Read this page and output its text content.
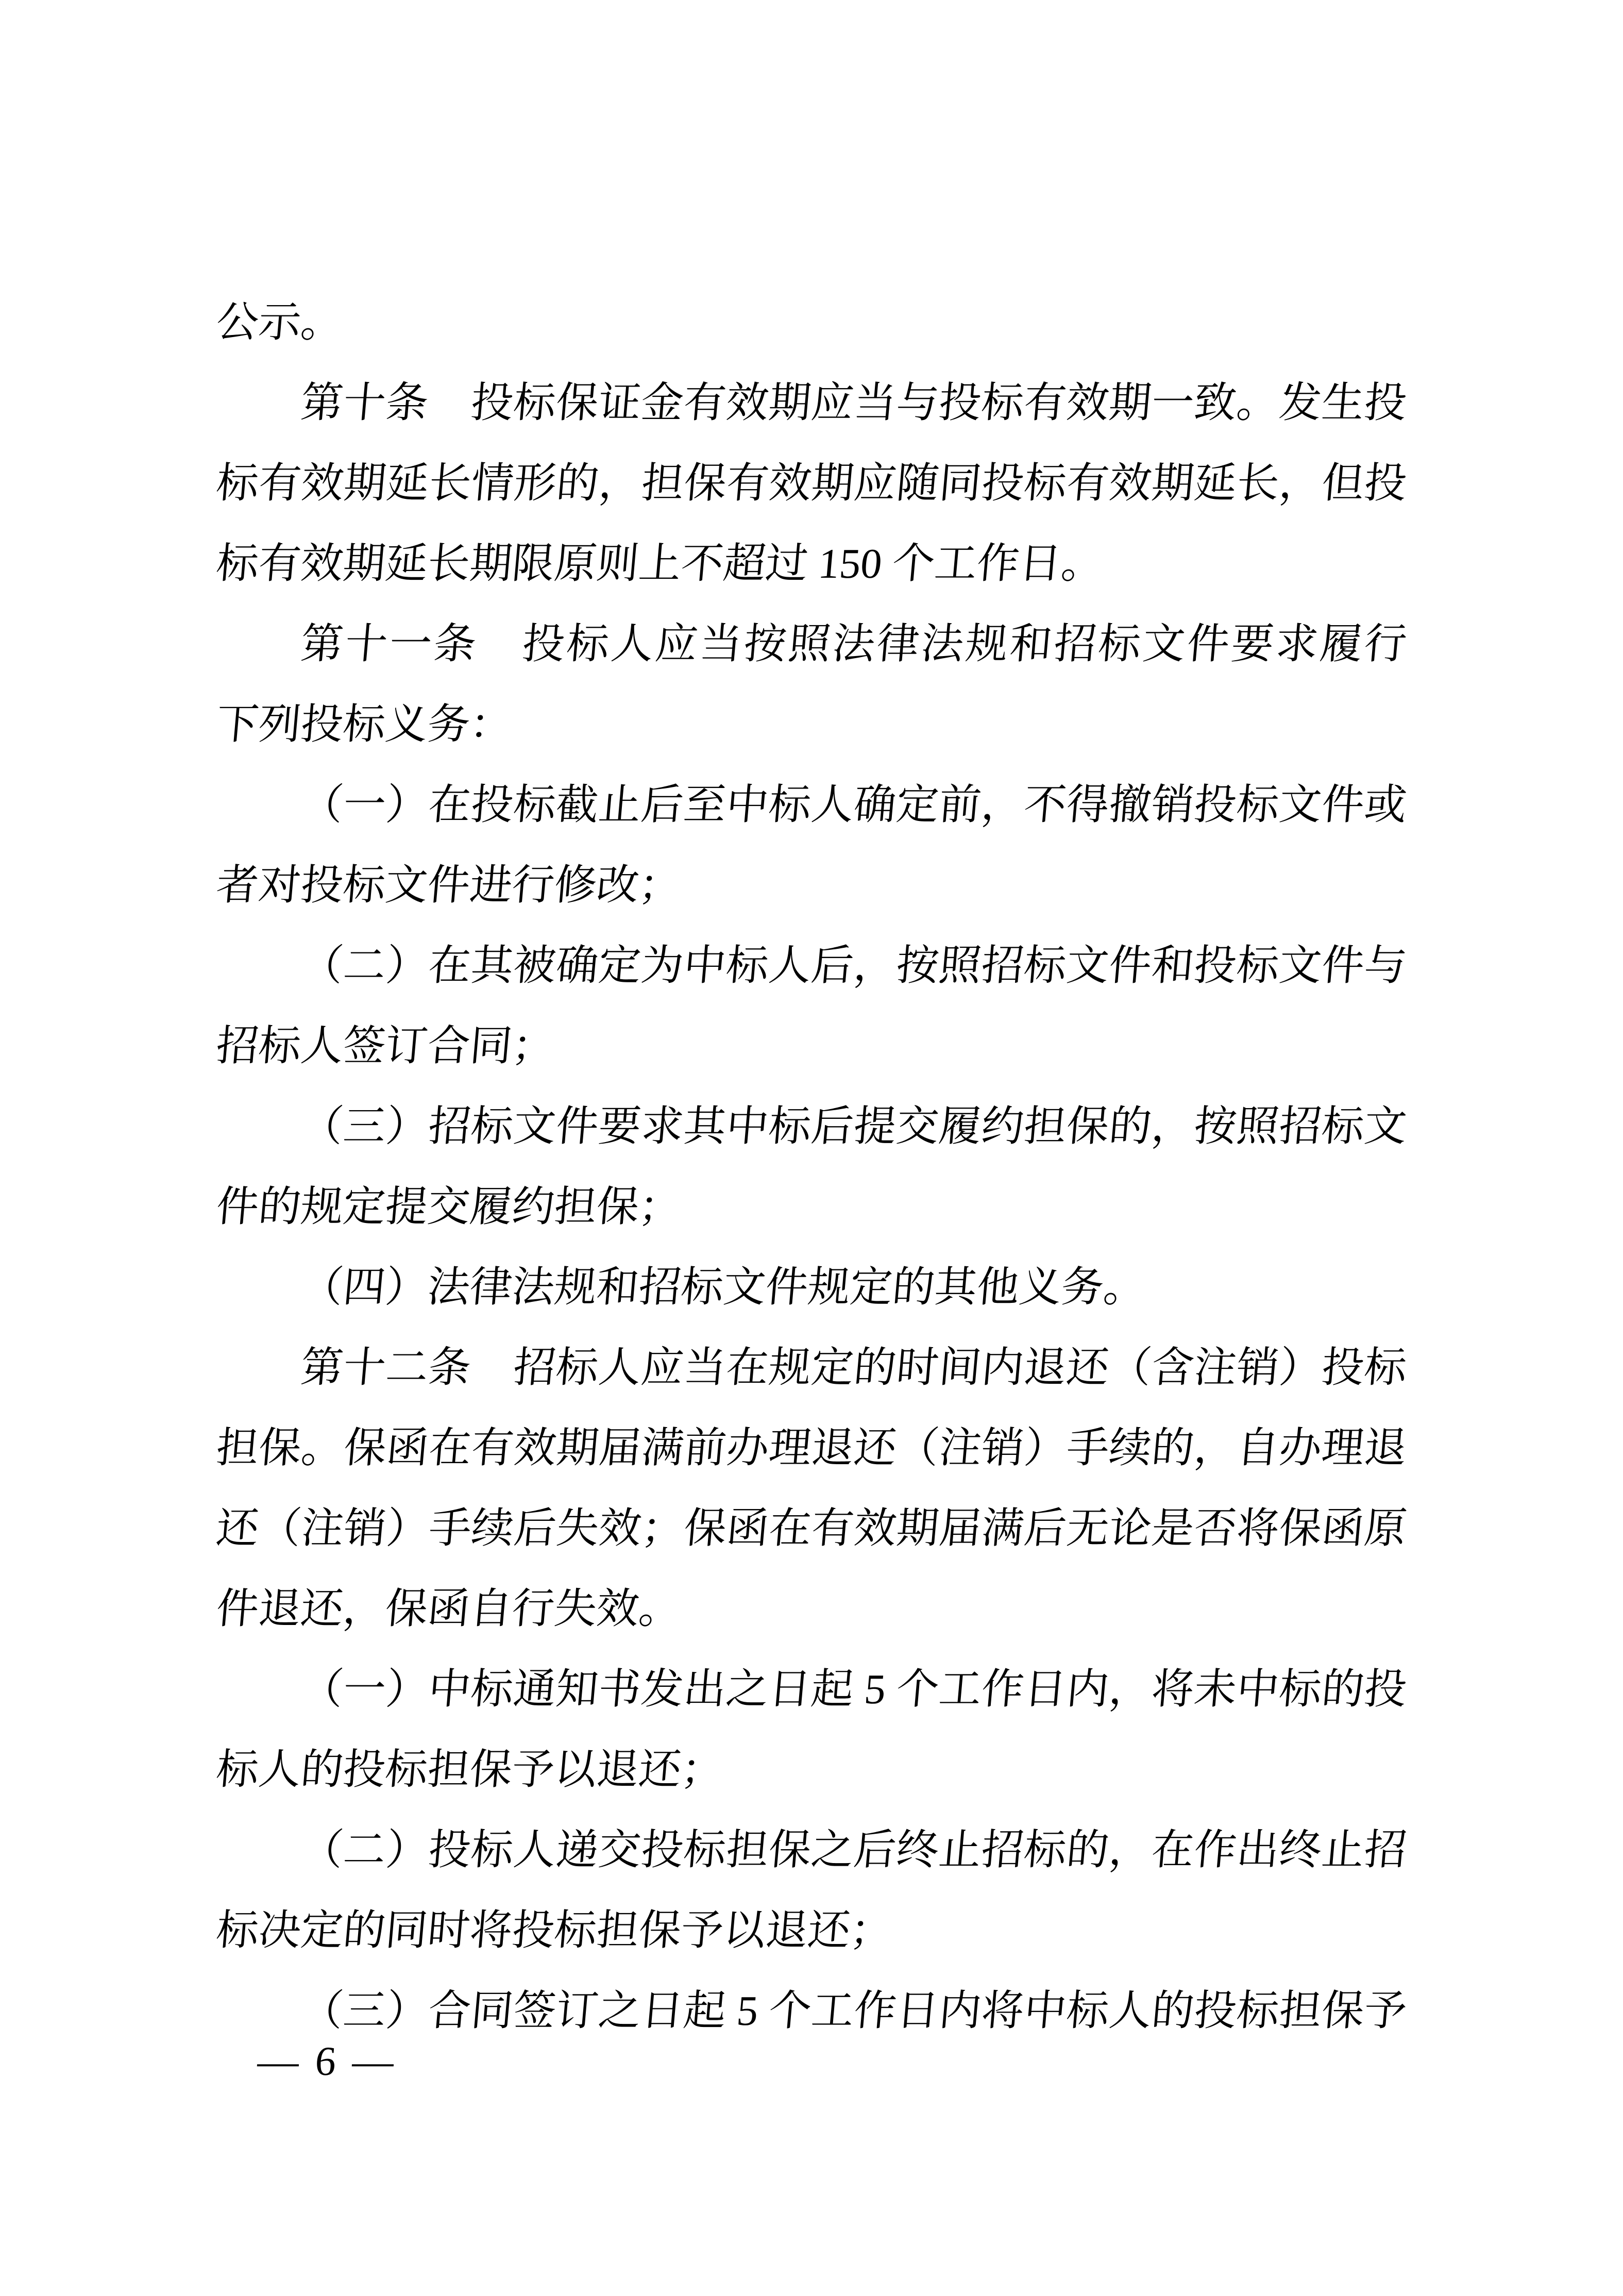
公示。
第十条　投标保证金有效期应当与投标有效期一致。发生投
标有效期延长情形的，担保有效期应随同投标有效期延长，但投
标有效期延长期限原则上不超过 150 个工作日。
第十一条　投标人应当按照法律法规和招标文件要求履行
下列投标义务：
（一）在投标截止后至中标人确定前，不得撤销投标文件或
者对投标文件进行修改；
（二）在其被确定为中标人后，按照招标文件和投标文件与
招标人签订合同；
（三）招标文件要求其中标后提交履约担保的，按照招标文
件的规定提交履约担保；
（四）法律法规和招标文件规定的其他义务。
第十二条　招标人应当在规定的时间内退还（含注销）投标
担保。保函在有效期届满前办理退还（注销）手续的，自办理退
还（注销）手续后失效；保函在有效期届满后无论是否将保函原
件退还，保函自行失效。
（一）中标通知书发出之日起 5 个工作日内，将未中标的投
标人的投标担保予以退还；
（二）投标人递交投标担保之后终止招标的，在作出终止招
标决定的同时将投标担保予以退还；
（三）合同签订之日起 5 个工作日内将中标人的投标担保予
— 6 —
